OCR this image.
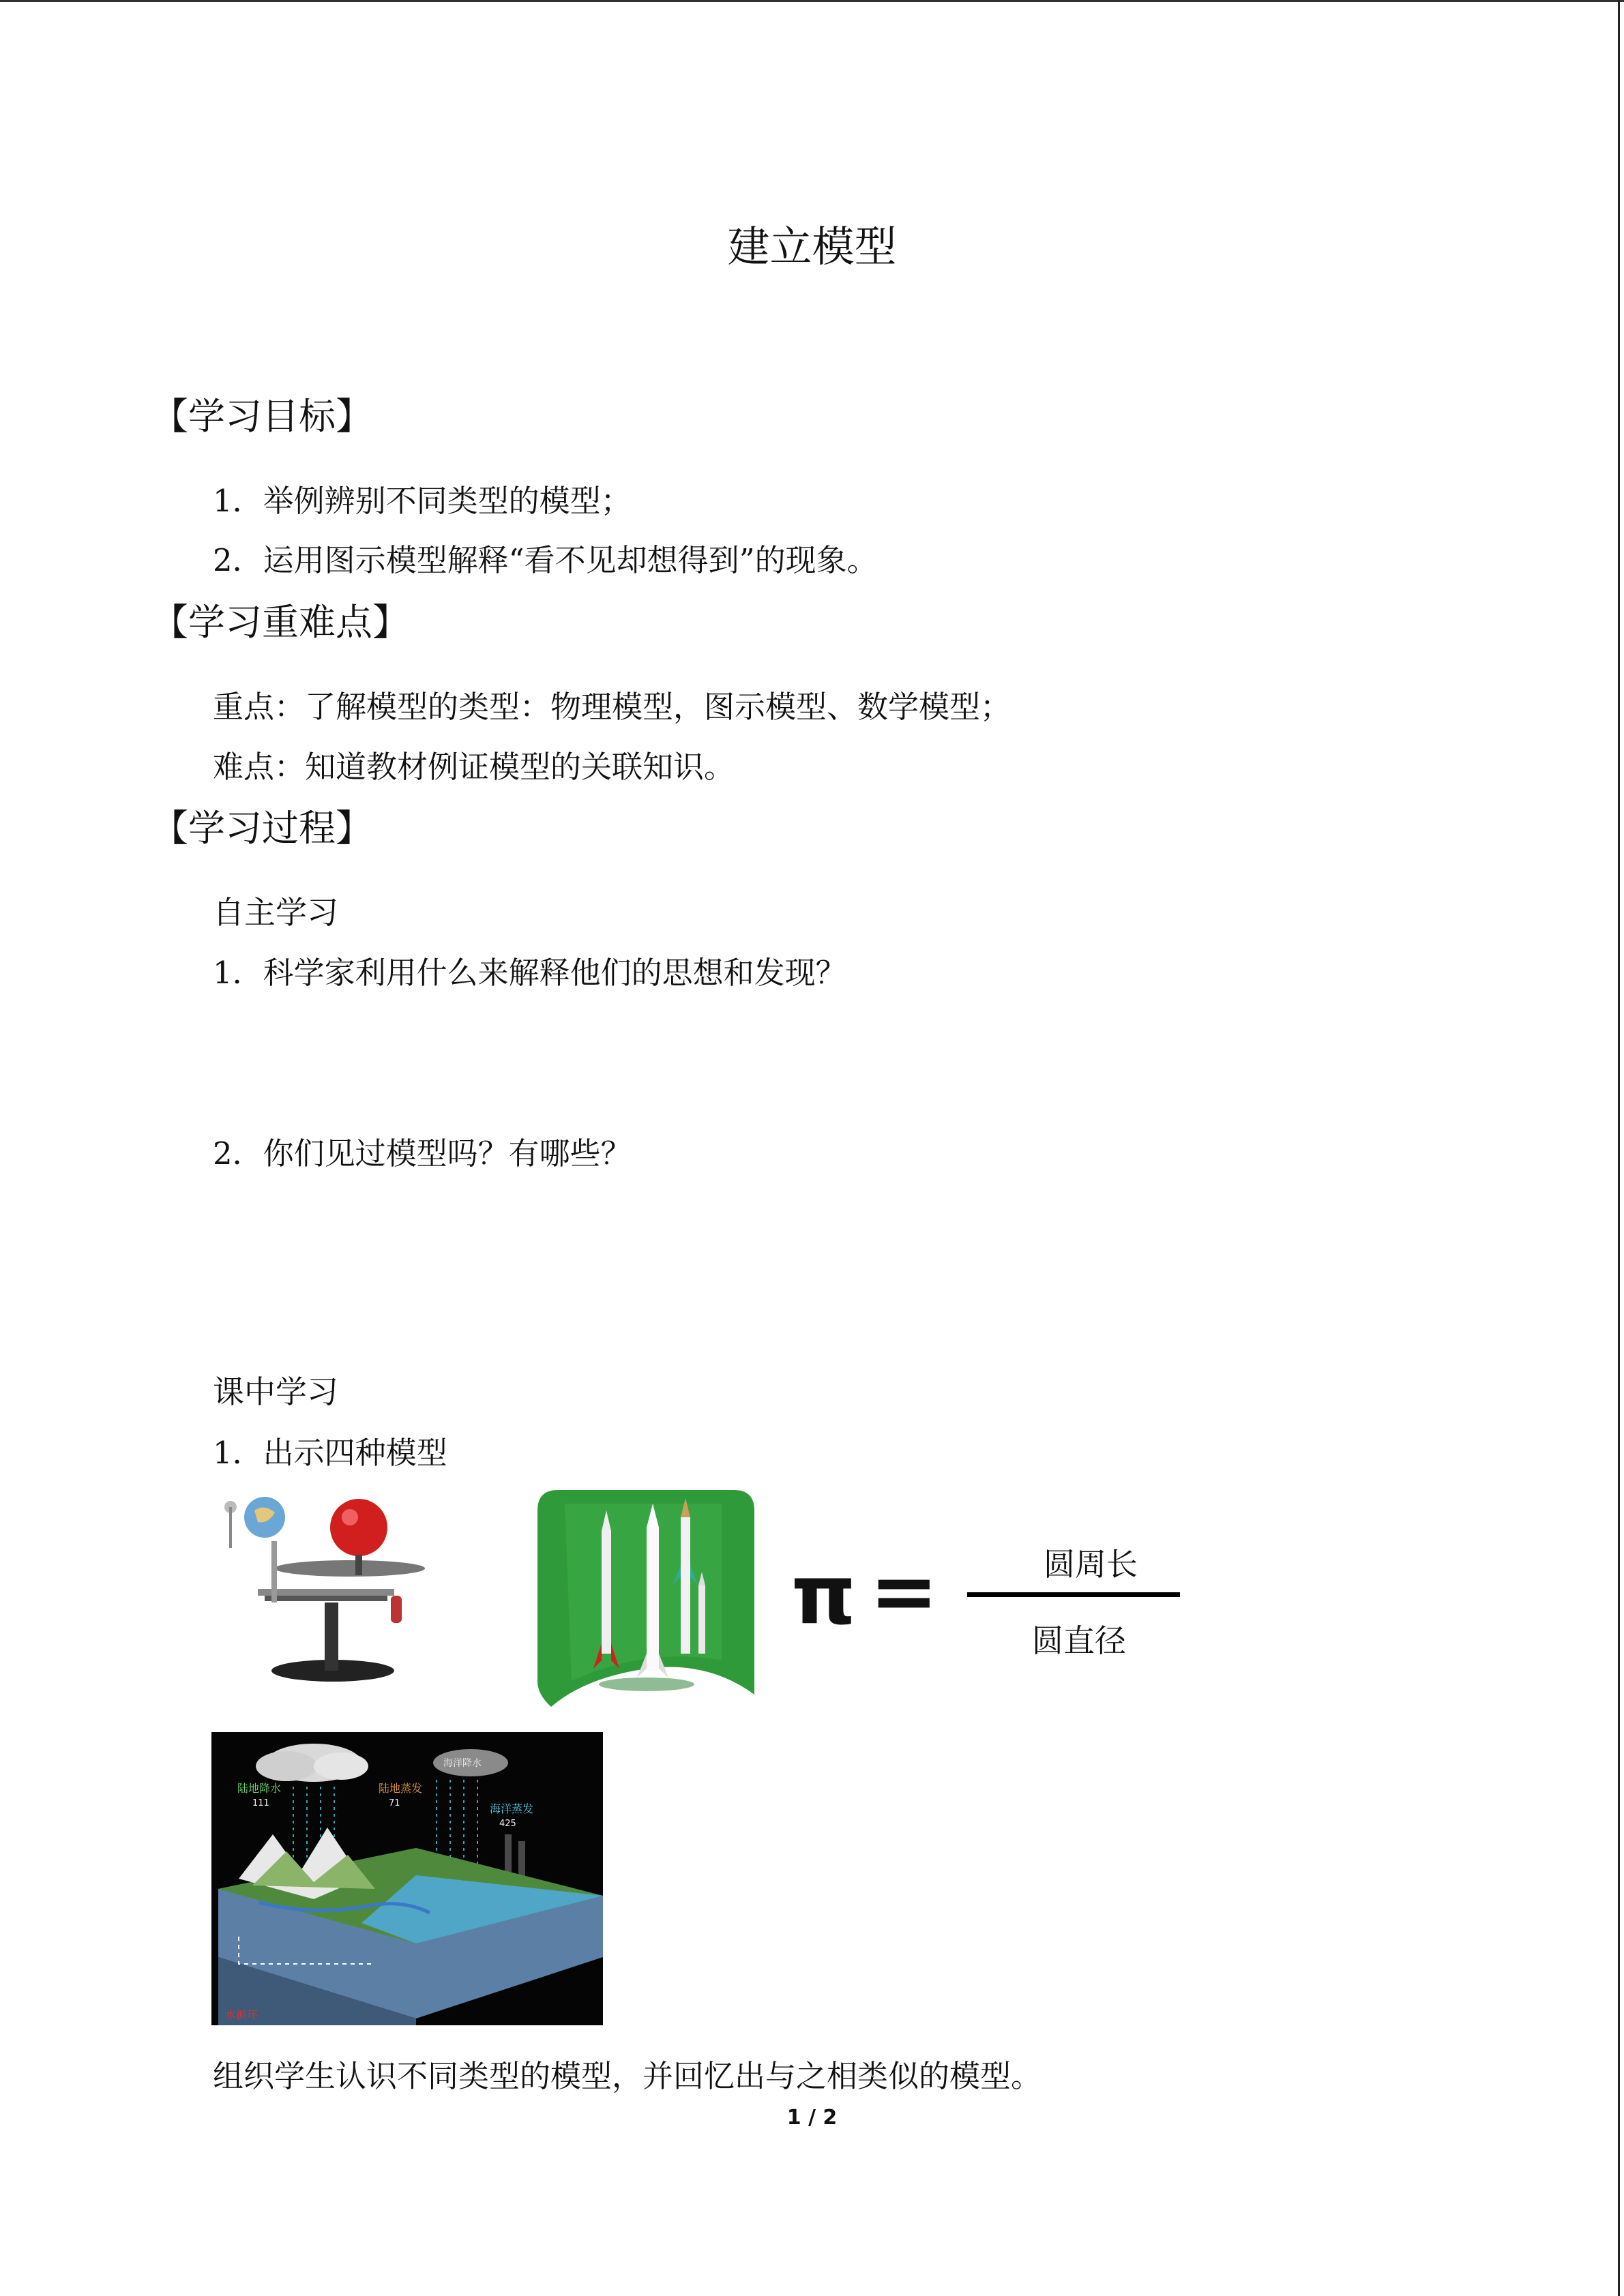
建立模型
【学习目标】
1．举例辨别不同类型的模型；
2．运用图示模型解释“看不见却想得到”的现象。
【学习重难点】
重点：了解模型的类型：物理模型，图示模型、数学模型；
难点：知道教材例证模型的关联知识。
【学习过程】
自主学习
1．科学家利用什么来解释他们的思想和发现？
2．你们见过模型吗？有哪些？
课中学习
1．出示四种模型
π =	圆周长
圆直径
陆地降水
111
陆地蒸发
71
海洋降水
海洋蒸发
425
水循环
组织学生认识不同类型的模型，并回忆出与之相类似的模型。
1 / 2
